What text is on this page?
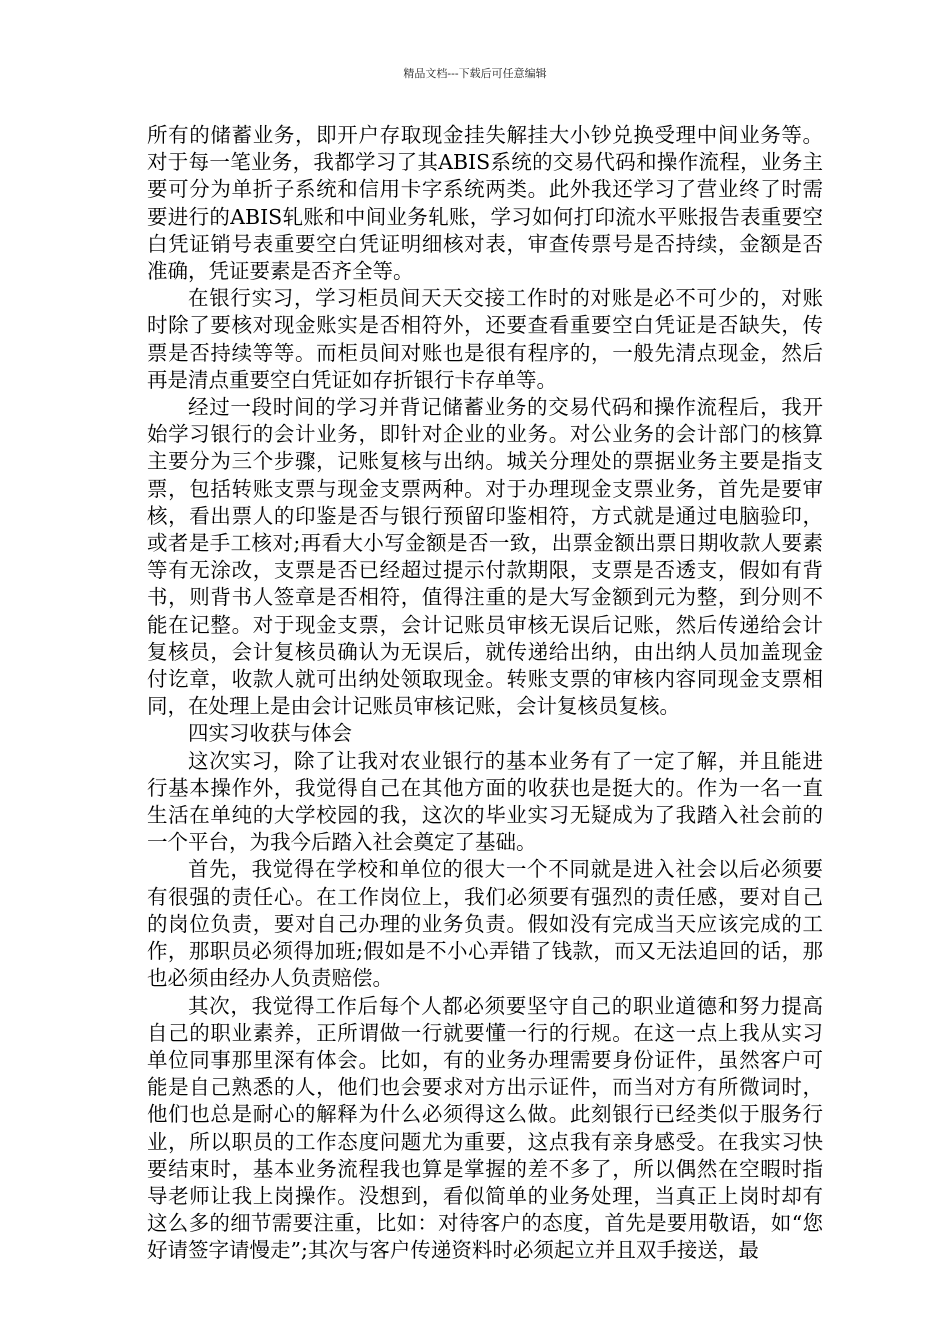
精品文档---下载后可任意编辑

所有的储蓄业务，即开户存取现金挂失解挂大小钞兑换受理中间业务等。对于每一笔业务，我都学习了其ABIS系统的交易代码和操作流程，业务主要可分为单折子系统和信用卡字系统两类。此外我还学习了营业终了时需要进行的ABIS轧账和中间业务轧账，学习如何打印流水平账报告表重要空白凭证销号表重要空白凭证明细核对表，审查传票号是否持续，金额是否准确，凭证要素是否齐全等。

在银行实习，学习柜员间天天交接工作时的对账是必不可少的，对账时除了要核对现金账实是否相符外，还要查看重要空白凭证是否缺失，传票是否持续等等。而柜员间对账也是很有程序的，一般先清点现金，然后再是清点重要空白凭证如存折银行卡存单等。

经过一段时间的学习并背记储蓄业务的交易代码和操作流程后，我开始学习银行的会计业务，即针对企业的业务。对公业务的会计部门的核算主要分为三个步骤，记账复核与出纳。城关分理处的票据业务主要是指支票，包括转账支票与现金支票两种。对于办理现金支票业务，首先是要审核，看出票人的印鉴是否与银行预留印鉴相符，方式就是通过电脑验印，或者是手工核对;再看大小写金额是否一致，出票金额出票日期收款人要素等有无涂改，支票是否已经超过提示付款期限，支票是否透支，假如有背书，则背书人签章是否相符，值得注重的是大写金额到元为整，到分则不能在记整。对于现金支票，会计记账员审核无误后记账，然后传递给会计复核员，会计复核员确认为无误后，就传递给出纳，由出纳人员加盖现金付讫章，收款人就可出纳处领取现金。转账支票的审核内容同现金支票相同，在处理上是由会计记账员审核记账，会计复核员复核。

四实习收获与体会

这次实习，除了让我对农业银行的基本业务有了一定了解，并且能进行基本操作外，我觉得自己在其他方面的收获也是挺大的。作为一名一直生活在单纯的大学校园的我，这次的毕业实习无疑成为了我踏入社会前的一个平台，为我今后踏入社会奠定了基础。

首先，我觉得在学校和单位的很大一个不同就是进入社会以后必须要有很强的责任心。在工作岗位上，我们必须要有强烈的责任感，要对自己的岗位负责，要对自己办理的业务负责。假如没有完成当天应该完成的工作，那职员必须得加班;假如是不小心弄错了钱款，而又无法追回的话，那也必须由经办人负责赔偿。

其次，我觉得工作后每个人都必须要坚守自己的职业道德和努力提高自己的职业素养，正所谓做一行就要懂一行的行规。在这一点上我从实习单位同事那里深有体会。比如，有的业务办理需要身份证件，虽然客户可能是自己熟悉的人，他们也会要求对方出示证件，而当对方有所微词时，他们也总是耐心的解释为什么必须得这么做。此刻银行已经类似于服务行业，所以职员的工作态度问题尤为重要，这点我有亲身感受。在我实习快要结束时，基本业务流程我也算是掌握的差不多了，所以偶然在空暇时指导老师让我上岗操作。没想到，看似简单的业务处理，当真正上岗时却有这么多的细节需要注重，比如：对待客户的态度，首先是要用敬语，如“您好请签字请慢走”;其次与客户传递资料时必须起立并且双手接送，最
